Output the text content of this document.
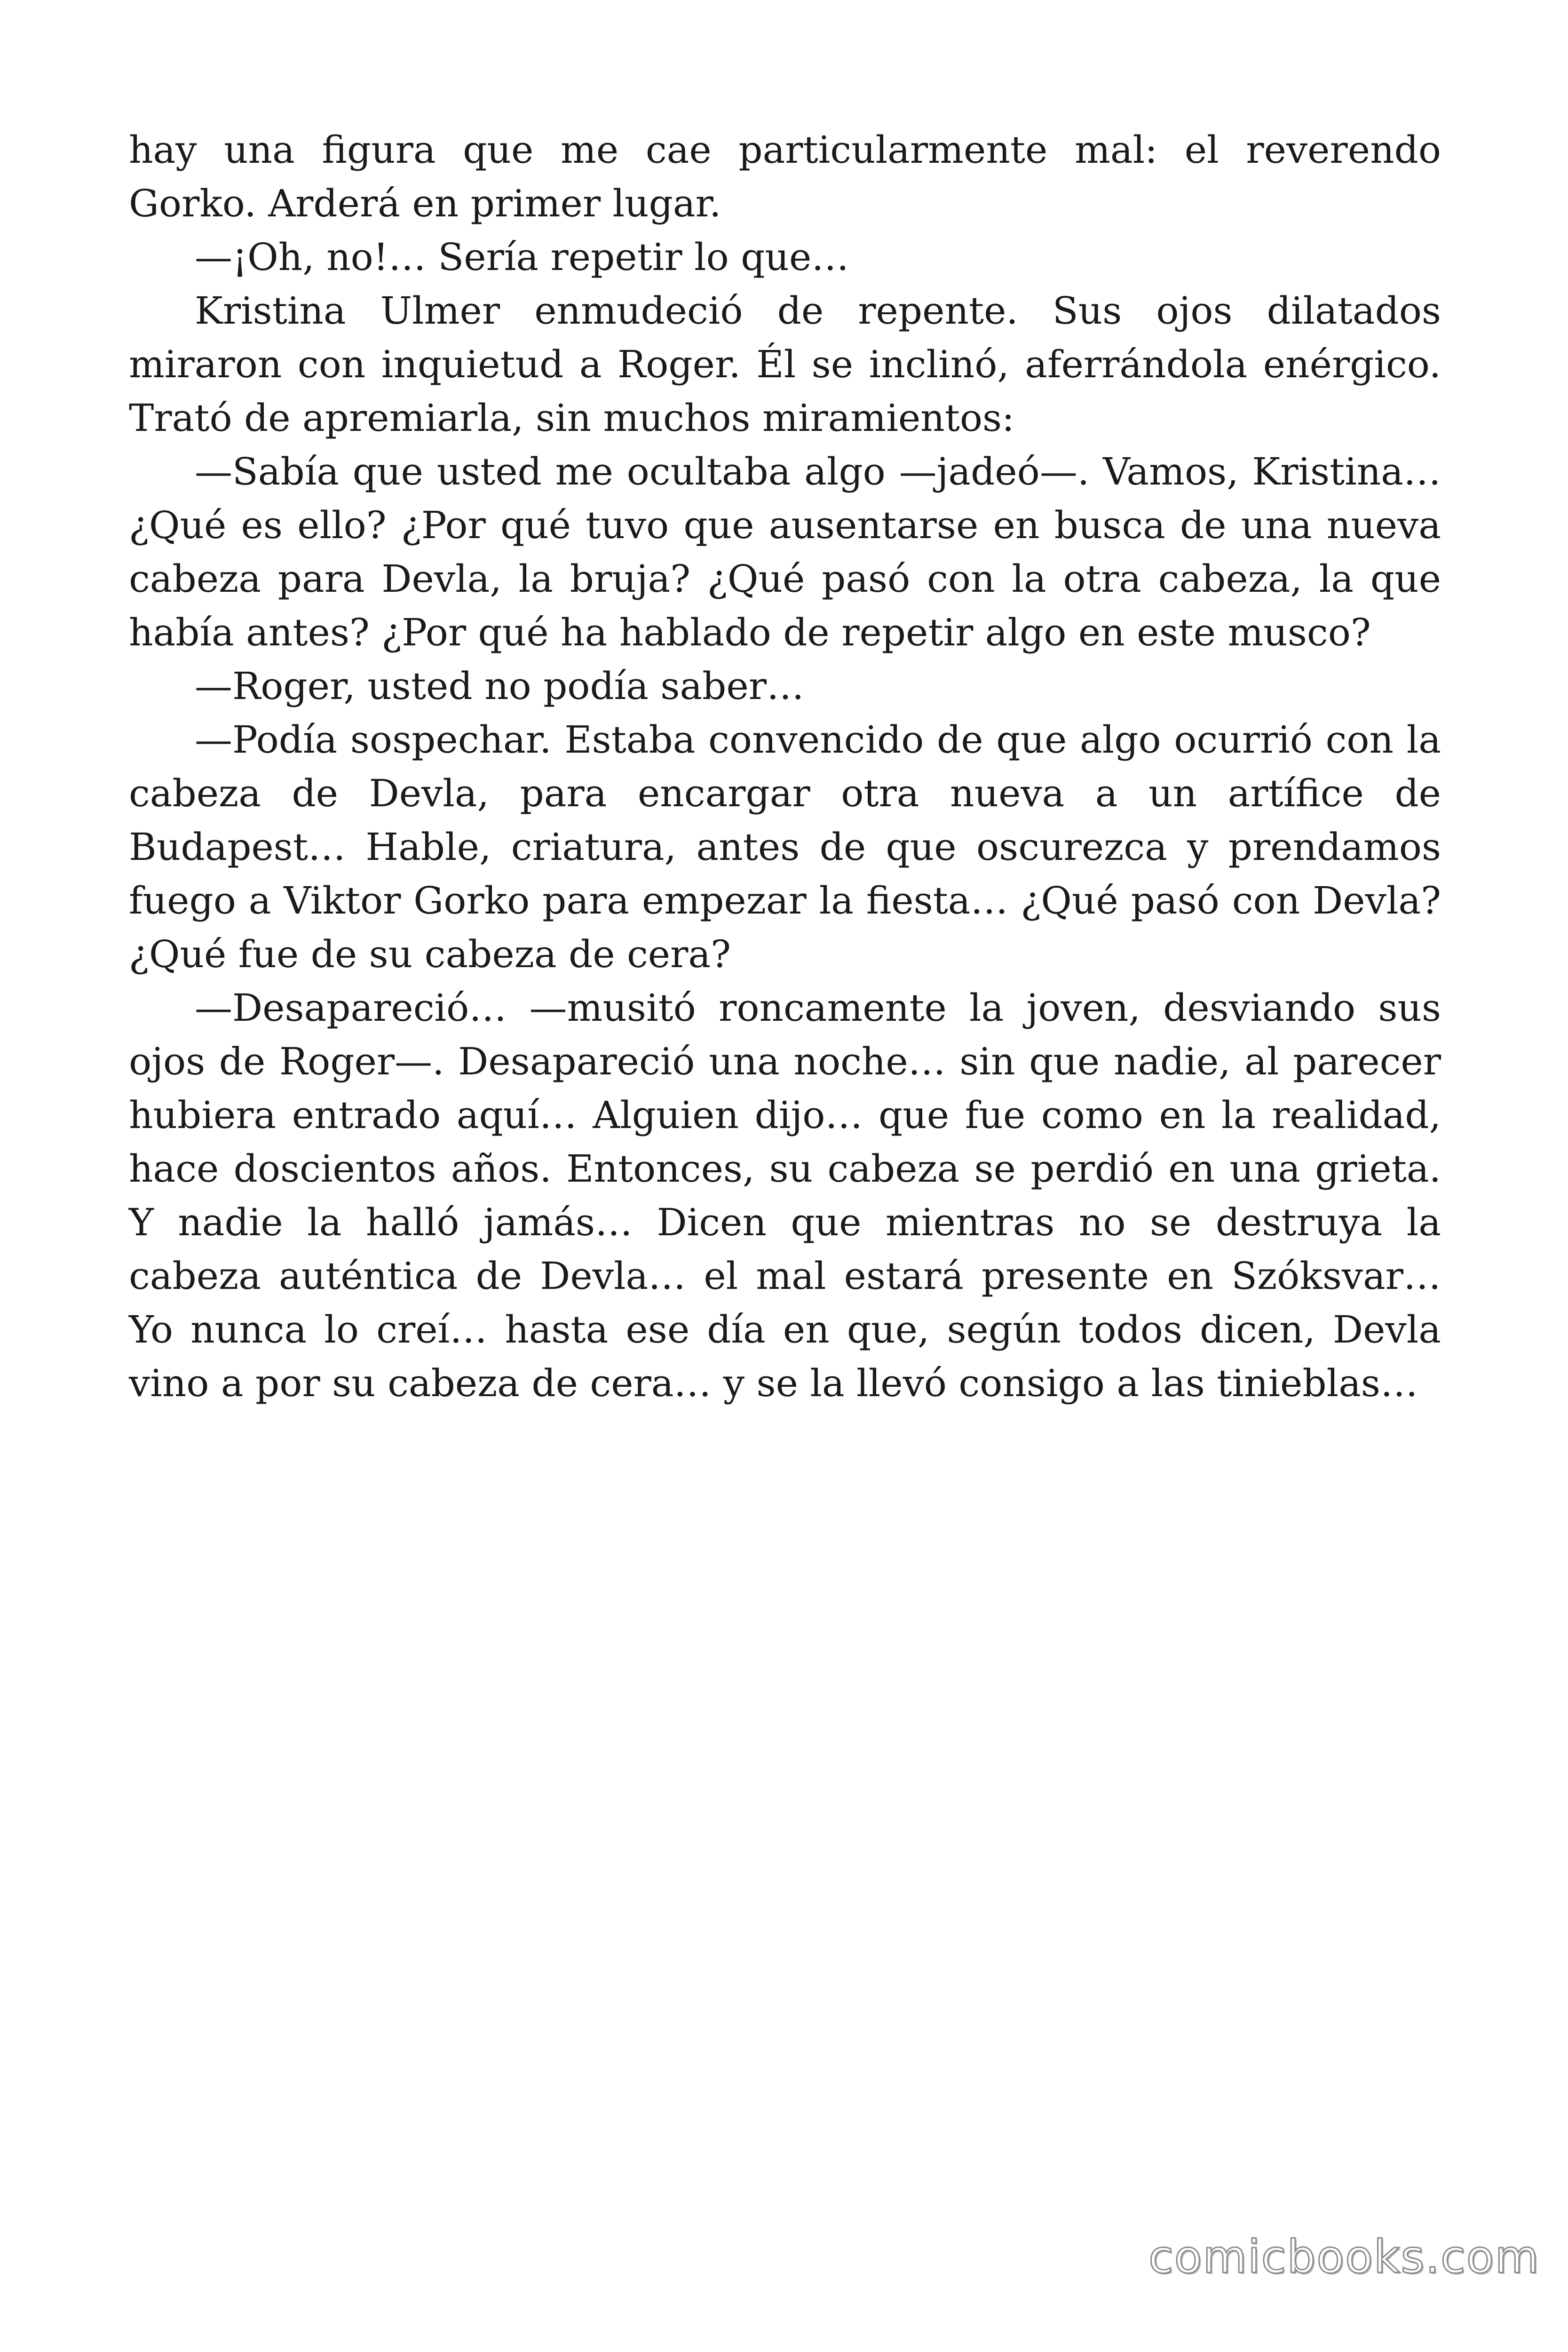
hay una figura que me cae particularmente mal: el reverendo Gorko. Arderá en primer lugar.

—¡Oh, no!… Sería repetir lo que…

Kristina Ulmer enmudeció de repente. Sus ojos dilatados miraron con inquietud a Roger. Él se inclinó, aferrándola enérgico. Trató de apremiarla, sin muchos miramientos:

—Sabía que usted me ocultaba algo —jadeó—. Vamos, Kristina… ¿Qué es ello? ¿Por qué tuvo que ausentarse en busca de una nueva cabeza para Devla, la bruja? ¿Qué pasó con la otra cabeza, la que había antes? ¿Por qué ha hablado de repetir algo en este musco?

—Roger, usted no podía saber…

—Podía sospechar. Estaba convencido de que algo ocurrió con la cabeza de Devla, para encargar otra nueva a un artífice de Budapest… Hable, criatura, antes de que oscurezca y prendamos fuego a Viktor Gorko para empezar la fiesta… ¿Qué pasó con Devla? ¿Qué fue de su cabeza de cera?

—Desapareció… —musitó roncamente la joven, desviando sus ojos de Roger—. Desapareció una noche… sin que nadie, al parecer hubiera entrado aquí… Alguien dijo… que fue como en la realidad, hace doscientos años. Entonces, su cabeza se perdió en una grieta. Y nadie la halló jamás… Dicen que mientras no se destruya la cabeza auténtica de Devla… el mal estará presente en Szóksvar… Yo nunca lo creí… hasta ese día en que, según todos dicen, Devla vino a por su cabeza de cera… y se la llevó consigo a las tinieblas…

comicbooks.com
